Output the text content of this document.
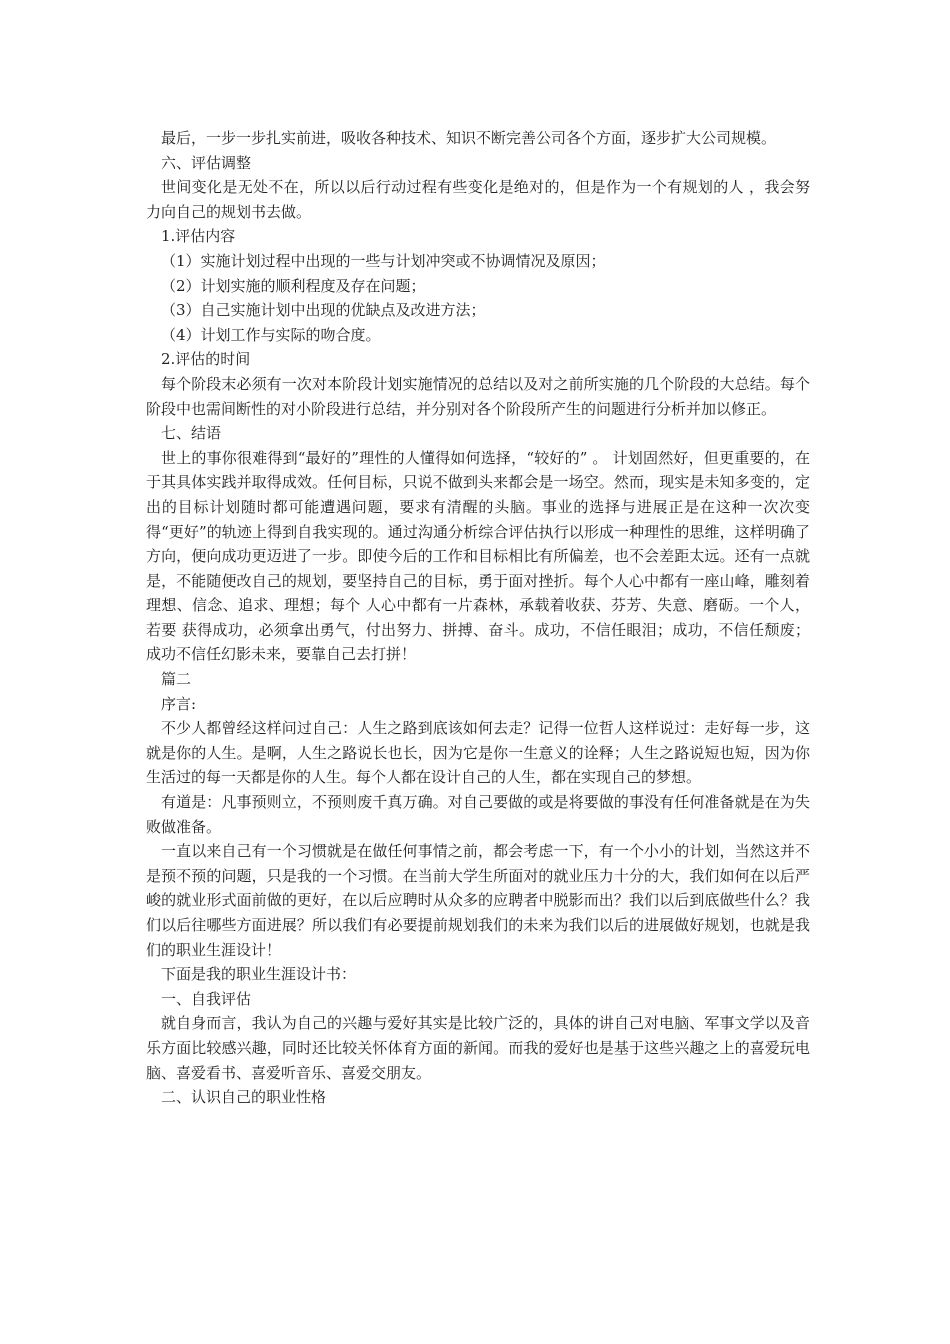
最后，一步一步扎实前进，吸收各种技术、知识不断完善公司各个方面，逐步扩大公司规模。

六、评估调整

世间变化是无处不在，所以以后行动过程有些变化是绝对的，但是作为一个有规划的人 ，我会努力向自己的规划书去做。

1.评估内容

（1）实施计划过程中出现的一些与计划冲突或不协调情况及原因；

（2）计划实施的顺利程度及存在问题；

（3）自己实施计划中出现的优缺点及改进方法；

（4）计划工作与实际的吻合度。

2.评估的时间

每个阶段末必须有一次对本阶段计划实施情况的总结以及对之前所实施的几个阶段的大总结。每个阶段中也需间断性的对小阶段进行总结，并分别对各个阶段所产生的问题进行分析并加以修正。

七、结语

世上的事你很难得到“最好的”理性的人懂得如何选择，“较好的” 。 计划固然好，但更重要的，在于其具体实践并取得成效。任何目标，只说不做到头来都会是一场空。然而，现实是未知多变的，定出的目标计划随时都可能遭遇问题，要求有清醒的头脑。事业的选择与进展正是在这种一次次变得“更好”的轨迹上得到自我实现的。通过沟通分析综合评估执行以形成一种理性的思维，这样明确了方向，便向成功更迈进了一步。即使今后的工作和目标相比有所偏差，也不会差距太远。还有一点就是，不能随便改自己的规划，要坚持自己的目标，勇于面对挫折。每个人心中都有一座山峰，雕刻着理想、信念、追求、理想；每个 人心中都有一片森林，承载着收获、芬芳、失意、磨砺。一个人，若要 获得成功，必须拿出勇气，付出努力、拼搏、奋斗。成功，不信任眼泪；成功，不信任颓废；成功不信任幻影未来，要靠自己去打拼！

篇二

序言:

不少人都曾经这样问过自己：人生之路到底该如何去走？记得一位哲人这样说过：走好每一步，这就是你的人生。是啊，人生之路说长也长，因为它是你一生意义的诠释；人生之路说短也短，因为你生活过的每一天都是你的人生。每个人都在设计自己的人生，都在实现自己的梦想。

有道是：凡事预则立，不预则废千真万确。对自己要做的或是将要做的事没有任何准备就是在为失败做准备。

一直以来自己有一个习惯就是在做任何事情之前，都会考虑一下，有一个小小的计划，当然这并不是预不预的问题，只是我的一个习惯。在当前大学生所面对的就业压力十分的大，我们如何在以后严峻的就业形式面前做的更好，在以后应聘时从众多的应聘者中脱影而出？我们以后到底做些什么？我们以后往哪些方面进展？所以我们有必要提前规划我们的未来为我们以后的进展做好规划，也就是我们的职业生涯设计！

下面是我的职业生涯设计书：

一、自我评估

就自身而言，我认为自己的兴趣与爱好其实是比较广泛的，具体的讲自己对电脑、军事文学以及音乐方面比较感兴趣，同时还比较关怀体育方面的新闻。而我的爱好也是基于这些兴趣之上的喜爱玩电脑、喜爱看书、喜爱听音乐、喜爱交朋友。

二、认识自己的职业性格
